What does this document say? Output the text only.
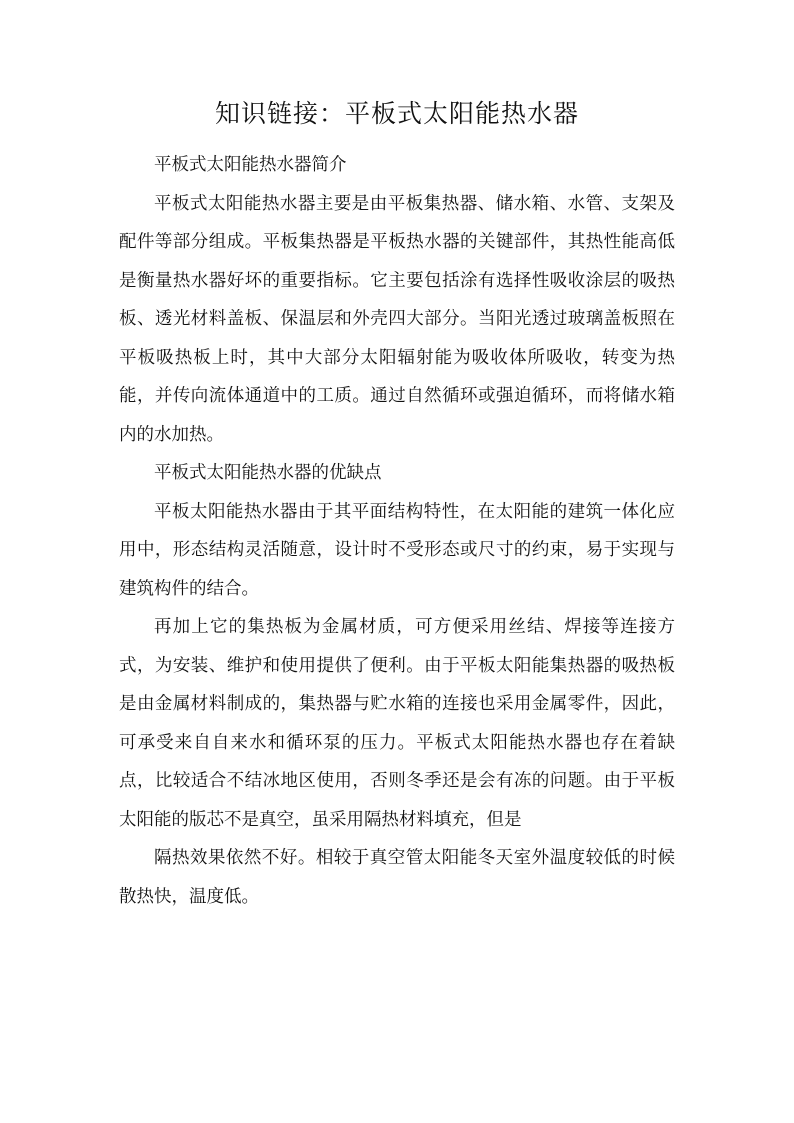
知识链接：平板式太阳能热水器

平板式太阳能热水器简介

平板式太阳能热水器主要是由平板集热器、储水箱、水管、支架及配件等部分组成。平板集热器是平板热水器的关键部件，其热性能高低是衡量热水器好坏的重要指标。它主要包括涂有选择性吸收涂层的吸热板、透光材料盖板、保温层和外壳四大部分。当阳光透过玻璃盖板照在平板吸热板上时，其中大部分太阳辐射能为吸收体所吸收，转变为热能，并传向流体通道中的工质。通过自然循环或强迫循环，而将储水箱内的水加热。

平板式太阳能热水器的优缺点

平板太阳能热水器由于其平面结构特性，在太阳能的建筑一体化应用中，形态结构灵活随意，设计时不受形态或尺寸的约束，易于实现与建筑构件的结合。

再加上它的集热板为金属材质，可方便采用丝结、焊接等连接方式，为安装、维护和使用提供了便利。由于平板太阳能集热器的吸热板是由金属材料制成的，集热器与贮水箱的连接也采用金属零件，因此，可承受来自自来水和循环泵的压力。平板式太阳能热水器也存在着缺点，比较适合不结冰地区使用，否则冬季还是会有冻的问题。由于平板太阳能的版芯不是真空，虽采用隔热材料填充，但是

隔热效果依然不好。相较于真空管太阳能冬天室外温度较低的时候散热快，温度低。
